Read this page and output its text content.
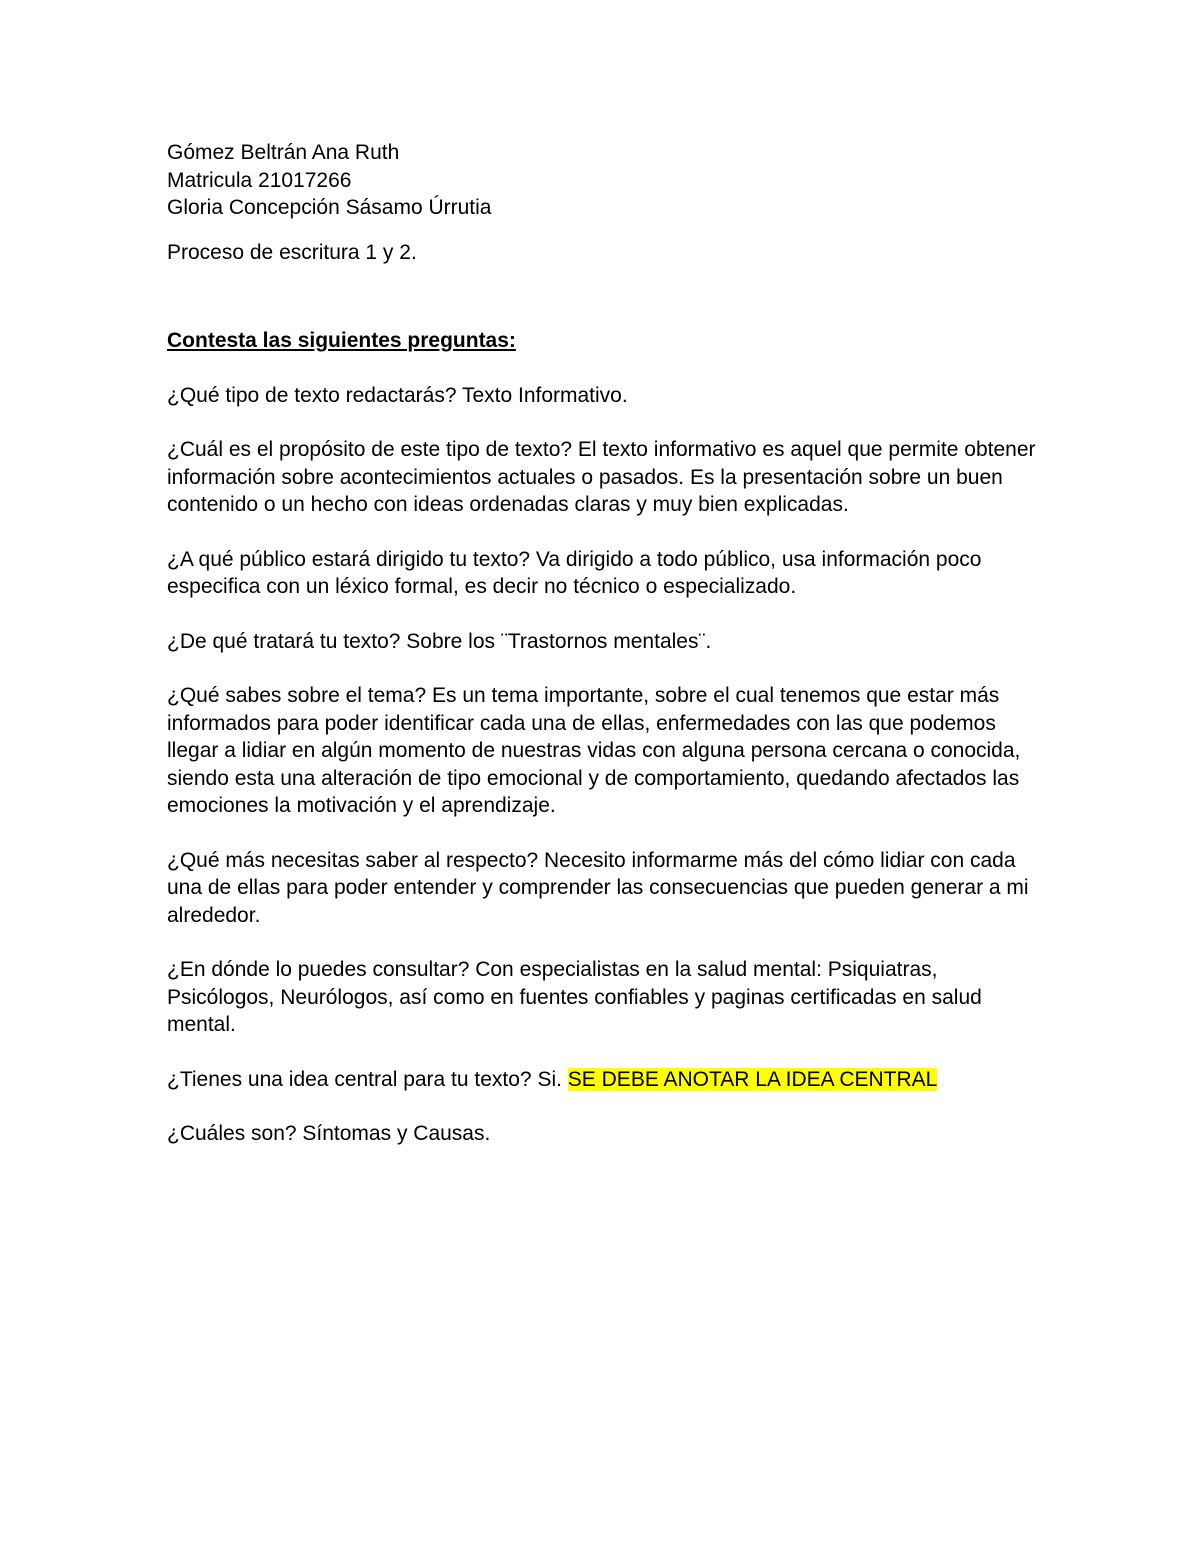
Gómez Beltrán Ana Ruth
Matricula 21017266
Gloria Concepción Sásamo Úrrutia

Proceso de escritura 1 y 2.

Contesta las siguientes preguntas:

¿Qué tipo de texto redactarás? Texto Informativo.

¿Cuál es el propósito de este tipo de texto? El texto informativo es aquel que permite obtener información sobre acontecimientos actuales o pasados. Es la presentación sobre un buen contenido o un hecho con ideas ordenadas claras y muy bien explicadas.

¿A qué público estará dirigido tu texto? Va dirigido a todo público, usa información poco especifica con un léxico formal, es decir no técnico o especializado.

¿De qué tratará tu texto? Sobre los ¨Trastornos mentales¨.

¿Qué sabes sobre el tema? Es un tema importante, sobre el cual tenemos que estar más informados para poder identificar cada una de ellas, enfermedades con las que podemos llegar a lidiar en algún momento de nuestras vidas con alguna persona cercana o conocida, siendo esta una alteración de tipo emocional y de comportamiento, quedando afectados las emociones la motivación y el aprendizaje.

¿Qué más necesitas saber al respecto? Necesito informarme más del cómo lidiar con cada una de ellas para poder entender y comprender las consecuencias que pueden generar a mi alrededor.

¿En dónde lo puedes consultar? Con especialistas en la salud mental: Psiquiatras, Psicólogos, Neurólogos, así como en fuentes confiables y paginas certificadas en salud mental.

¿Tienes una idea central para tu texto? Si. SE DEBE ANOTAR LA IDEA CENTRAL

¿Cuáles son? Síntomas y Causas.
